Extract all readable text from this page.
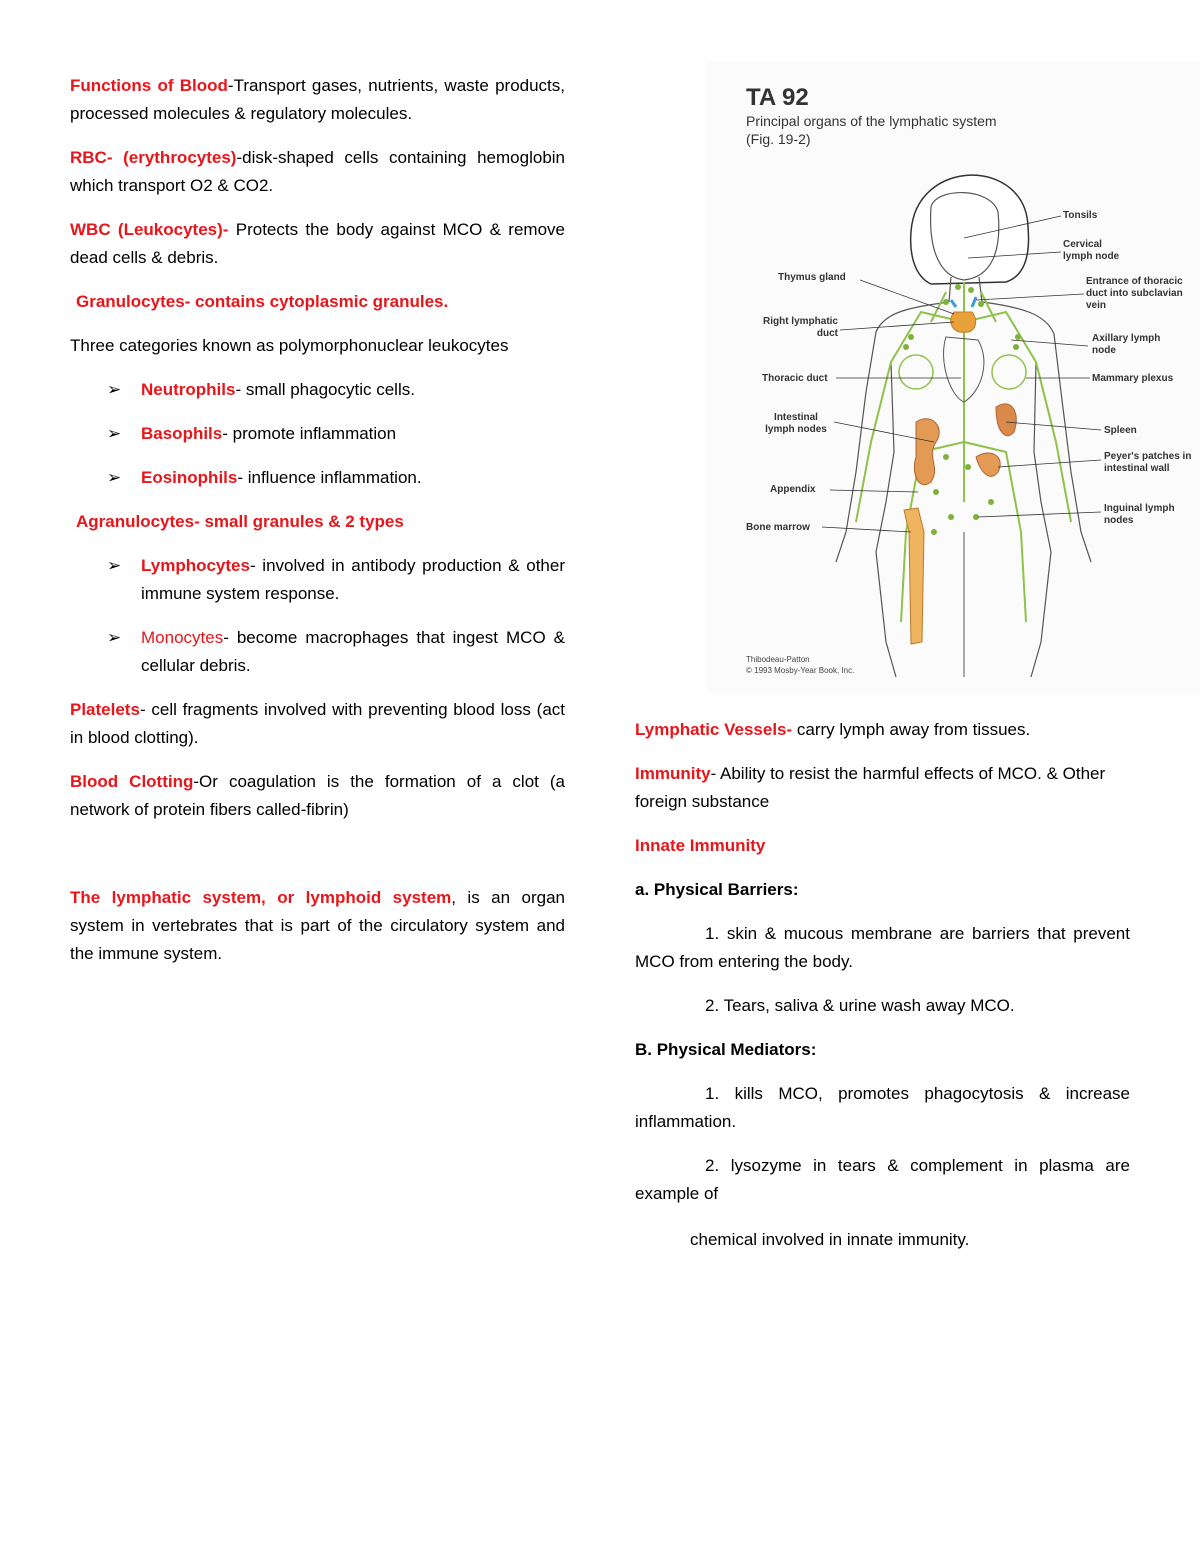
Functions of Blood-Transport gases, nutrients, waste products, processed molecules & regulatory molecules.

RBC- (erythrocytes)-disk-shaped cells containing hemoglobin which transport O2 & CO2.

WBC (Leukocytes)- Protects the body against MCO & remove dead cells & debris.

Granulocytes- contains cytoplasmic granules.

Three categories known as polymorphonuclear leukocytes

➢ Neutrophils- small phagocytic cells.
➢ Basophils- promote inflammation
➢ Eosinophils- influence inflammation.

Agranulocytes- small granules & 2 types

➢ Lymphocytes- involved in antibody production & other immune system response.
➢ Monocytes- become macrophages that ingest MCO & cellular debris.

Platelets- cell fragments involved with preventing blood loss (act in blood clotting).

Blood Clotting-Or coagulation is the formation of a clot (a network of protein fibers called-fibrin)

The lymphatic system, or lymphoid system, is an organ system in vertebrates that is part of the circulatory system and the immune system.

TA 92
Principal organs of the lymphatic system
(Fig. 19-2)
Tonsils
Cervical lymph node
Thymus gland	Entrance of thoracic duct into subclavian vein
Right lymphatic duct	Axillary lymph node
Thoracic duct	Mammary plexus
Intestinal lymph nodes	Spleen
Peyer's patches in intestinal wall
Appendix
Inguinal lymph nodes
Bone marrow
Thibodeau-Patton
© 1993 Mosby-Year Book, Inc.

Lymphatic Vessels- carry lymph away from tissues.

Immunity- Ability to resist the harmful effects of MCO. & Other foreign substance

Innate Immunity

a. Physical Barriers:

1. skin & mucous membrane are barriers that prevent MCO from entering the body.

2. Tears, saliva & urine wash away MCO.

B. Physical Mediators:

1. kills MCO, promotes phagocytosis & increase inflammation.

2. lysozyme in tears & complement in plasma are example of

chemical involved in innate immunity.
